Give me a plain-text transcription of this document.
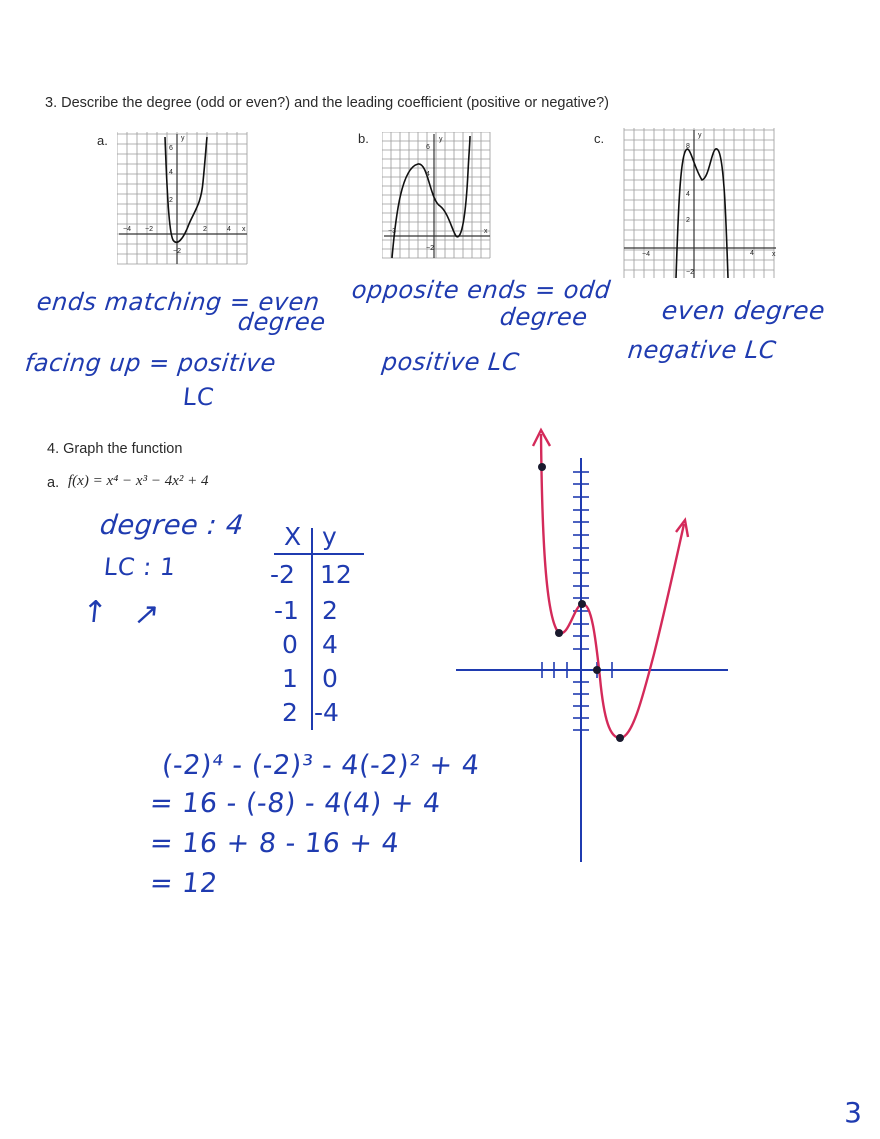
3. Describe the degree (odd or even?) and the leading coefficient (positive or negative?)
a.	b.	c.
y
6
4
2
−4 −2	2	4 x
−2
y
6
4
−3	x
−2
y
8
4
2
−4	4	x
−2
ends matching = even
degree
facing up = positive
LC
opposite ends = odd
degree
positive LC
even degree
negative LC
4. Graph the function
a. f(x) = x⁴ − x³ − 4x² + 4
degree : 4
LC : 1
↑ ↗
X y
-2 12
-1 2
0 4
1 0
2 -4
(-2)⁴ - (-2)³ - 4(-2)² + 4
= 16 - (-8) - 4(4) + 4
= 16 + 8 - 16 + 4
= 12
3
